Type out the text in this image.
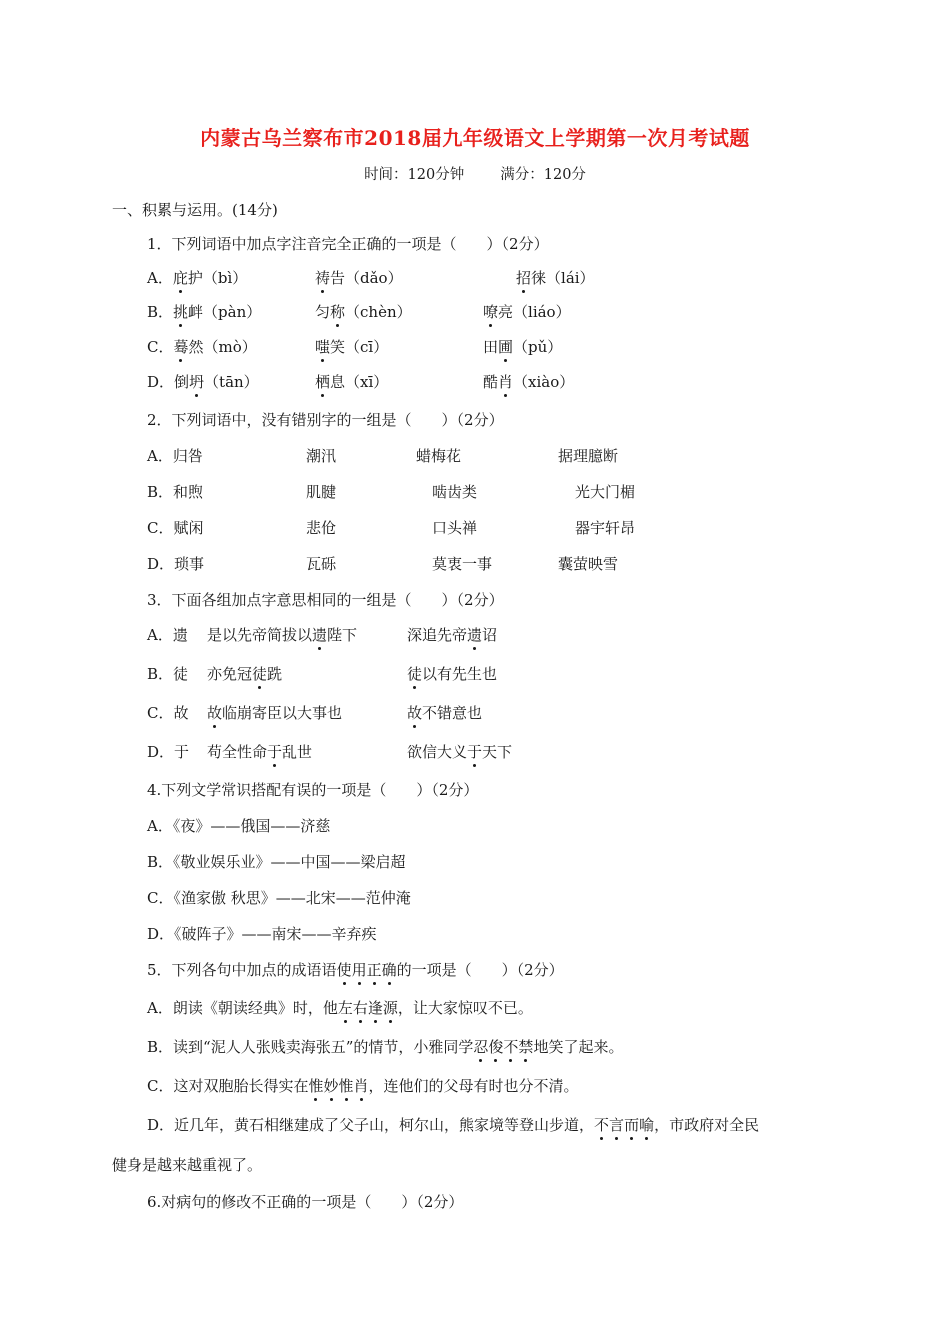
内蒙古乌兰察布市2018届九年级语文上学期第一次月考试题
时间：120分钟 满分：120分
一、积累与运用。(14分)
1．下列词语中加点字注音完全正确的一项是（　　）（2分）
A．庇护（bì）	祷告（dǎo）	招徕（lái）
B．挑衅（pàn）	匀称（chèn）	嘹亮（liáo）
C．蓦然（mò）	嗤笑（cī）	田圃（pǔ）
D．倒坍（tān）	栖息（xī）	酷肖（xiào）
2．下列词语中，没有错别字的一组是（　　）（2分）
A．归咎	潮汛	蜡梅花	据理臆断
B．和煦	肌腱	啮齿类	光大门楣
C．赋闲	悲伧	口头禅	器宇轩昂
D．琐事	瓦砾	莫衷一事	囊萤映雪
3．下面各组加点字意思相同的一组是（　　）（2分）
A．遗 是以先帝简拔以遗陛下	深追先帝遗诏
B．徒 亦免冠徒跣	徒以有先生也
C．故 故临崩寄臣以大事也	故不错意也
D．于 苟全性命于乱世	欲信大义于天下
4.下列文学常识搭配有误的一项是（　　）（2分）
A．《夜》——俄国——济慈
B．《敬业娱乐业》——中国——梁启超
C．《渔家傲 秋思》——北宋——范仲淹
D．《破阵子》——南宋——辛弃疾
5．下列各句中加点的成语语使用正确的一项是（　　）（2分）
A．朗读《朝读经典》时，他左右逢源，让大家惊叹不已。
B．读到“泥人人张贱卖海张五”的情节，小雅同学忍俊不禁地笑了起来。
C．这对双胞胎长得实在惟妙惟肖，连他们的父母有时也分不清。
D．近几年，黄石相继建成了父子山，柯尔山，熊家境等登山步道，不言而喻，市政府对全民
健身是越来越重视了。
6.对病句的修改不正确的一项是（　　）（2分）
